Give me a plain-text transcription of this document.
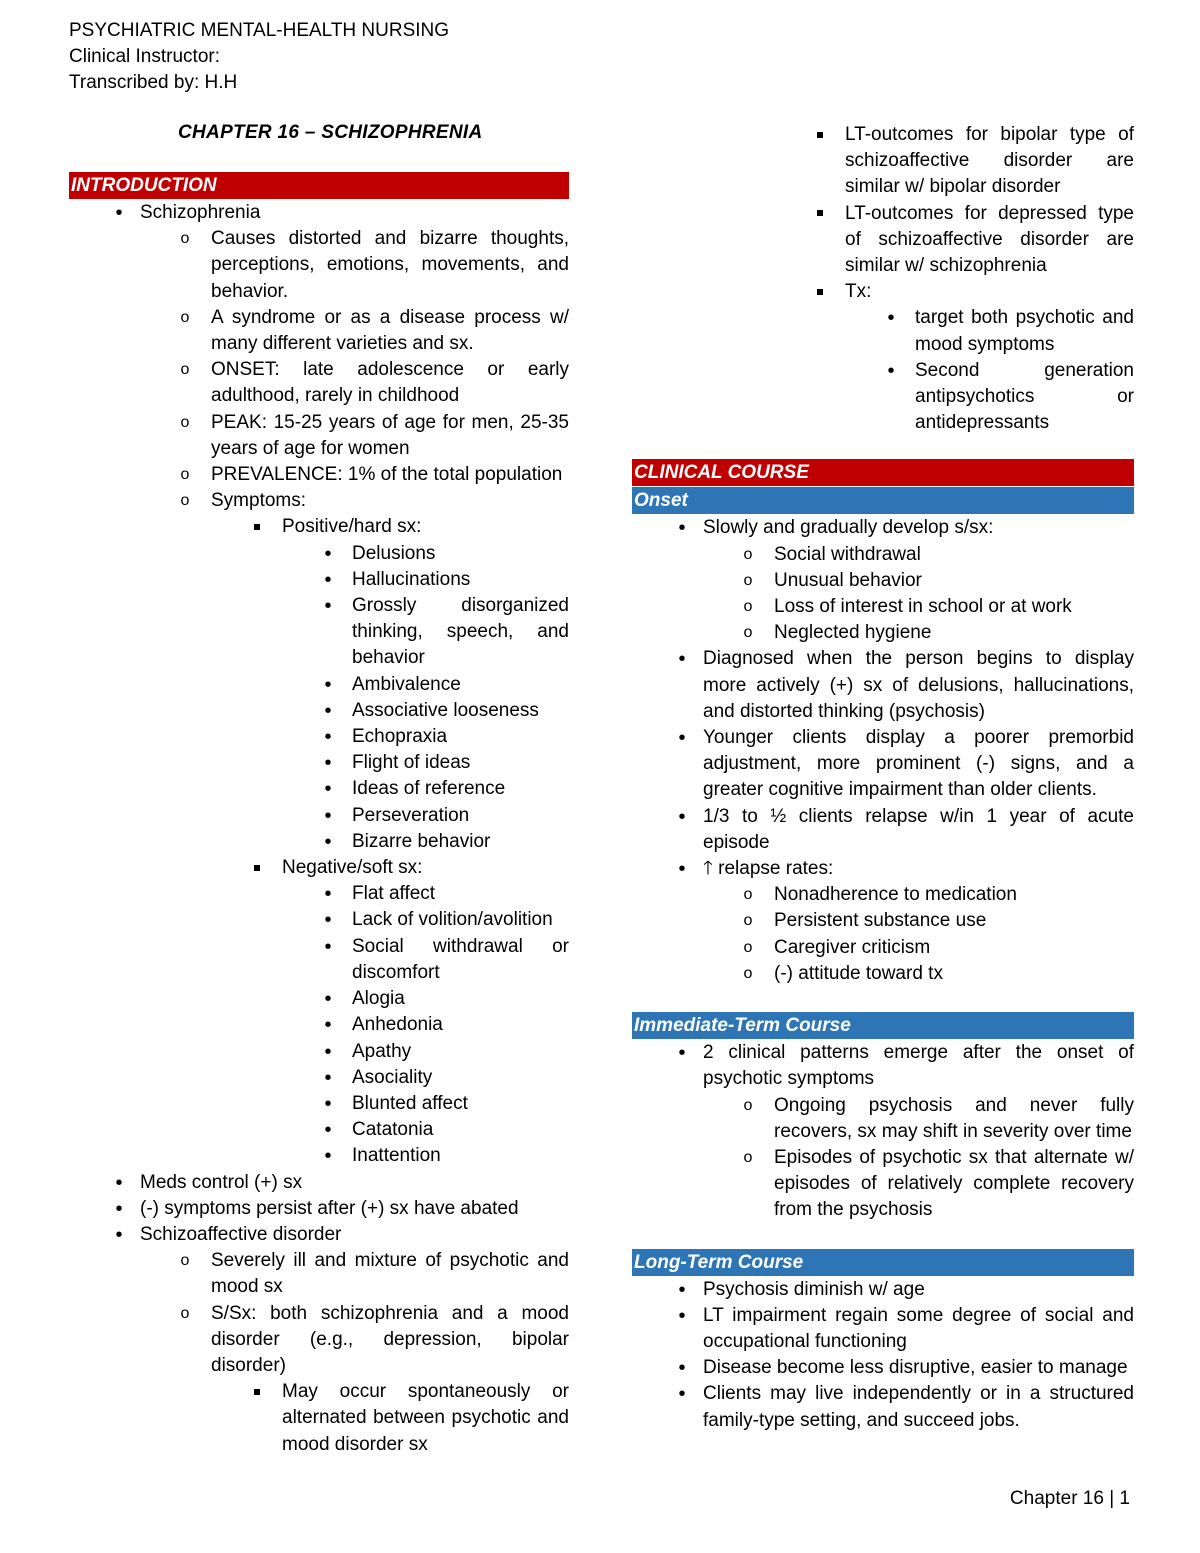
PSYCHIATRIC MENTAL-HEALTH NURSING
Clinical Instructor:
Transcribed by: H.H
CHAPTER 16 – SCHIZOPHRENIA
INTRODUCTION
•
Schizophrenia
o
Causes distorted and bizarre thoughts, perceptions, emotions, movements, and behavior.
o
A syndrome or as a disease process w/ many different varieties and sx.
o
ONSET: late adolescence or early adulthood, rarely in childhood
o
PEAK: 15-25 years of age for men, 25-35 years of age for women
o
PREVALENCE: 1% of the total population
o
Symptoms:
Positive/hard sx:
•
Delusions
•
Hallucinations
•
Grossly disorganized thinking, speech, and behavior
•
Ambivalence
•
Associative looseness
•
Echopraxia
•
Flight of ideas
•
Ideas of reference
•
Perseveration
•
Bizarre behavior
Negative/soft sx:
•
Flat affect
•
Lack of volition/avolition
•
Social withdrawal or discomfort
•
Alogia
•
Anhedonia
•
Apathy
•
Asociality
•
Blunted affect
•
Catatonia
•
Inattention
•
Meds control (+) sx
•
(-) symptoms persist after (+) sx have abated
•
Schizoaffective disorder
o
Severely ill and mixture of psychotic and mood sx
o
S/Sx: both schizophrenia and a mood disorder (e.g., depression, bipolar disorder)
May occur spontaneously or alternated between psychotic and mood disorder sx
LT-outcomes for bipolar type of schizoaffective disorder are similar w/ bipolar disorder
LT-outcomes for depressed type of schizoaffective disorder are similar w/ schizophrenia
Tx:
•
target both psychotic and mood symptoms
•
Second generation antipsychotics or antidepressants
CLINICAL COURSE
Onset
•
Slowly and gradually develop s/sx:
o
Social withdrawal
o
Unusual behavior
o
Loss of interest in school or at work
o
Neglected hygiene
•
Diagnosed when the person begins to display more actively (+) sx of delusions, hallucinations, and distorted thinking (psychosis)
•
Younger clients display a poorer premorbid adjustment, more prominent (-) signs, and a greater cognitive impairment than older clients.
•
1/3 to ½ clients relapse w/in 1 year of acute episode
•
🡑 relapse rates:
o
Nonadherence to medication
o
Persistent substance use
o
Caregiver criticism
o
(-) attitude toward tx
Immediate-Term Course
•
2 clinical patterns emerge after the onset of psychotic symptoms
o
Ongoing psychosis and never fully recovers, sx may shift in severity over time
o
Episodes of psychotic sx that alternate w/ episodes of relatively complete recovery from the psychosis
Long-Term Course
•
Psychosis diminish w/ age
•
LT impairment regain some degree of social and occupational functioning
•
Disease become less disruptive, easier to manage
•
Clients may live independently or in a structured family-type setting, and succeed jobs.
Chapter 16 | 1
